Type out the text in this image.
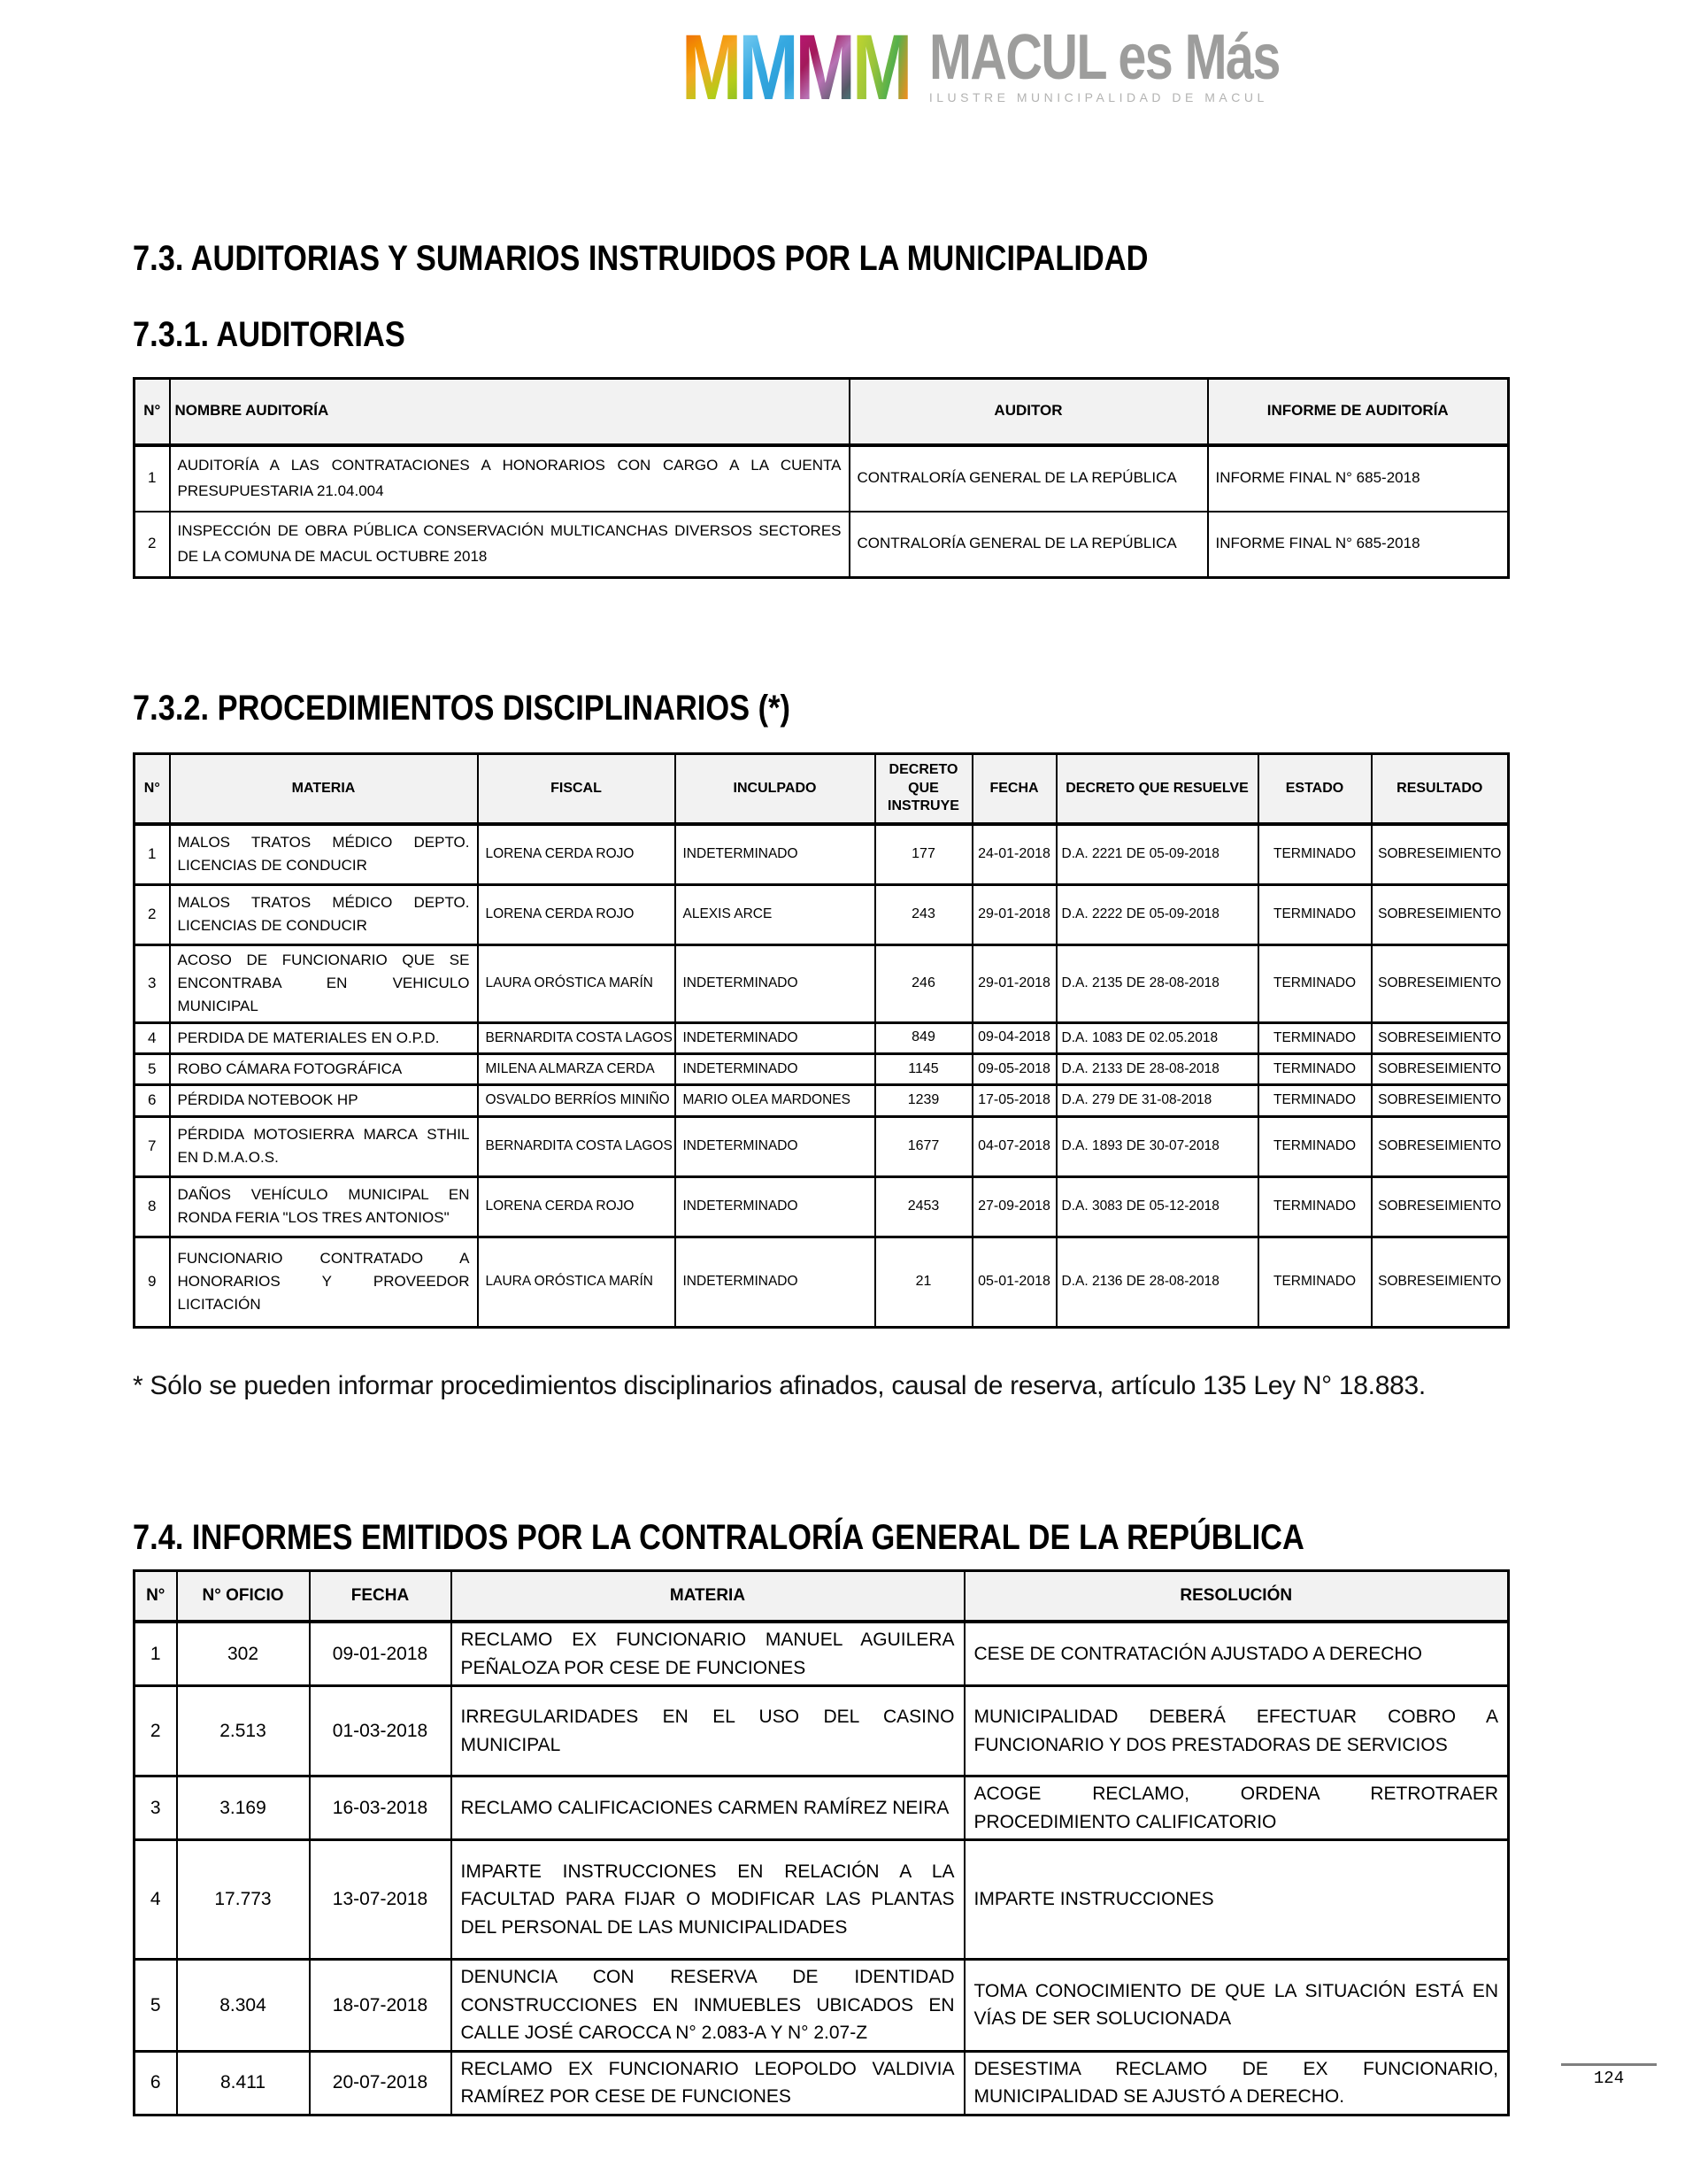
MMMM MACUL es Más
ILUSTRE MUNICIPALIDAD DE MACUL
7.3. AUDITORIAS Y SUMARIOS INSTRUIDOS POR LA MUNICIPALIDAD
7.3.1. AUDITORIAS
N°	NOMBRE AUDITORÍA	AUDITOR	INFORME DE AUDITORÍA
1	AUDITORÍA A LAS CONTRATACIONES A HONORARIOS CON CARGO A LA CUENTA PRESUPUESTARIA 21.04.004	CONTRALORÍA GENERAL DE LA REPÚBLICA	INFORME FINAL N° 685-2018
2	INSPECCIÓN DE OBRA PÚBLICA CONSERVACIÓN MULTICANCHAS DIVERSOS SECTORES DE LA COMUNA DE MACUL OCTUBRE 2018	CONTRALORÍA GENERAL DE LA REPÚBLICA	INFORME FINAL N° 685-2018
7.3.2. PROCEDIMIENTOS DISCIPLINARIOS (*)
N°	MATERIA	FISCAL	INCULPADO	DECRETO QUE INSTRUYE	FECHA	DECRETO QUE RESUELVE	ESTADO	RESULTADO
1	MALOS TRATOS MÉDICO DEPTO. LICENCIAS DE CONDUCIR	LORENA CERDA ROJO	INDETERMINADO	177	24-01-2018	D.A. 2221 DE 05-09-2018	TERMINADO	SOBRESEIMIENTO
2	MALOS TRATOS MÉDICO DEPTO. LICENCIAS DE CONDUCIR	LORENA CERDA ROJO	ALEXIS ARCE	243	29-01-2018	D.A. 2222 DE 05-09-2018	TERMINADO	SOBRESEIMIENTO
3	ACOSO DE FUNCIONARIO QUE SE ENCONTRABA EN VEHICULO MUNICIPAL	LAURA ORÓSTICA MARÍN	INDETERMINADO	246	29-01-2018	D.A. 2135 DE 28-08-2018	TERMINADO	SOBRESEIMIENTO
4	PERDIDA DE MATERIALES EN O.P.D.	BERNARDITA COSTA LAGOS	INDETERMINADO	849	09-04-2018	D.A. 1083 DE 02.05.2018	TERMINADO	SOBRESEIMIENTO
5	ROBO CÁMARA FOTOGRÁFICA	MILENA ALMARZA CERDA	INDETERMINADO	1145	09-05-2018	D.A. 2133 DE 28-08-2018	TERMINADO	SOBRESEIMIENTO
6	PÉRDIDA NOTEBOOK HP	OSVALDO BERRÍOS MINIÑO	MARIO OLEA MARDONES	1239	17-05-2018	D.A. 279 DE 31-08-2018	TERMINADO	SOBRESEIMIENTO
7	PÉRDIDA MOTOSIERRA MARCA STHIL EN D.M.A.O.S.	BERNARDITA COSTA LAGOS	INDETERMINADO	1677	04-07-2018	D.A. 1893 DE 30-07-2018	TERMINADO	SOBRESEIMIENTO
8	DAÑOS VEHÍCULO MUNICIPAL EN RONDA FERIA "LOS TRES ANTONIOS"	LORENA CERDA ROJO	INDETERMINADO	2453	27-09-2018	D.A. 3083 DE 05-12-2018	TERMINADO	SOBRESEIMIENTO
9	FUNCIONARIO CONTRATADO A HONORARIOS Y PROVEEDOR LICITACIÓN	LAURA ORÓSTICA MARÍN	INDETERMINADO	21	05-01-2018	D.A. 2136 DE 28-08-2018	TERMINADO	SOBRESEIMIENTO

* Sólo se pueden informar procedimientos disciplinarios afinados, causal de reserva, artículo 135 Ley N° 18.883.

7.4. INFORMES EMITIDOS POR LA CONTRALORÍA GENERAL DE LA REPÚBLICA
N°	N° OFICIO	FECHA	MATERIA	RESOLUCIÓN
1	302	09-01-2018	RECLAMO EX FUNCIONARIO MANUEL AGUILERA PEÑALOZA POR CESE DE FUNCIONES	CESE DE CONTRATACIÓN AJUSTADO A DERECHO
2	2.513	01-03-2018	IRREGULARIDADES EN EL USO DEL CASINO MUNICIPAL	MUNICIPALIDAD DEBERÁ EFECTUAR COBRO A FUNCIONARIO Y DOS PRESTADORAS DE SERVICIOS
3	3.169	16-03-2018	RECLAMO CALIFICACIONES CARMEN RAMÍREZ NEIRA	ACOGE RECLAMO, ORDENA RETROTRAER PROCEDIMIENTO CALIFICATORIO
4	17.773	13-07-2018	IMPARTE INSTRUCCIONES EN RELACIÓN A LA FACULTAD PARA FIJAR O MODIFICAR LAS PLANTAS DEL PERSONAL DE LAS MUNICIPALIDADES	IMPARTE INSTRUCCIONES
5	8.304	18-07-2018	DENUNCIA CON RESERVA DE IDENTIDAD CONSTRUCCIONES EN INMUEBLES UBICADOS EN CALLE JOSÉ CAROCCA N° 2.083-A Y N° 2.07-Z	TOMA CONOCIMIENTO DE QUE LA SITUACIÓN ESTÁ EN VÍAS DE SER SOLUCIONADA
6	8.411	20-07-2018	RECLAMO EX FUNCIONARIO LEOPOLDO VALDIVIA RAMÍREZ POR CESE DE FUNCIONES	DESESTIMA RECLAMO DE EX FUNCIONARIO, MUNICIPALIDAD SE AJUSTÓ A DERECHO.
124
